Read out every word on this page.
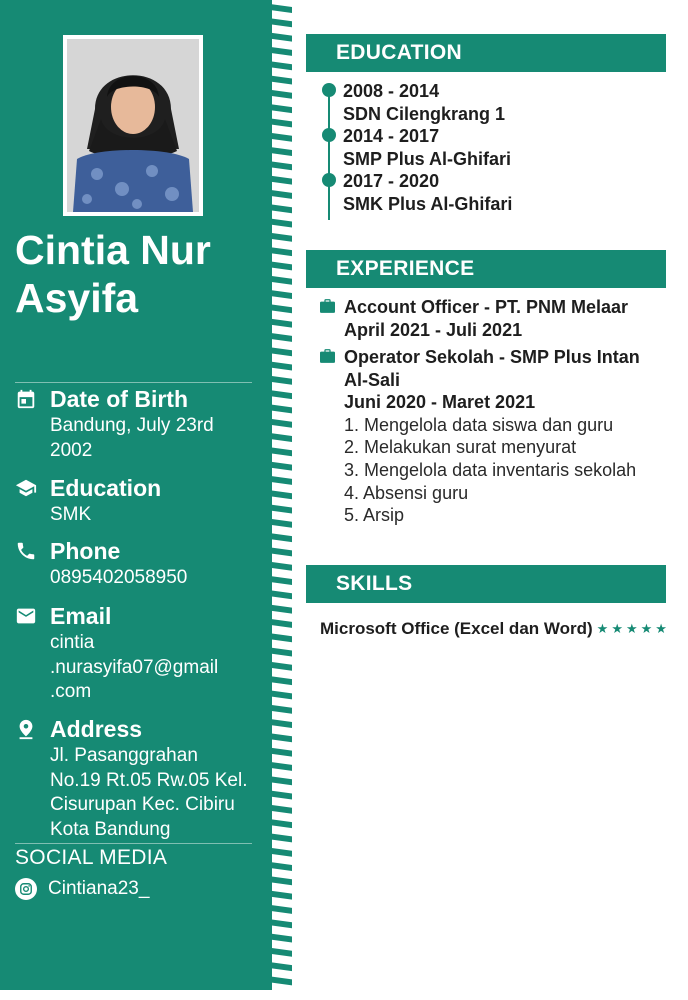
Cintia Nur Asyifa
Date of Birth
Bandung, July 23rd 2002
Education
SMK
Phone
0895402058950
Email
cintia
.nurasyifa07@gmail
.com
Address
Jl. Pasanggrahan No.19 Rt.05 Rw.05 Kel. Cisurupan Kec. Cibiru Kota Bandung
SOCIAL MEDIA
Cintiana23_
EDUCATION
2008 - 2014
SDN Cilengkrang 1
2014 - 2017
SMP Plus Al-Ghifari
2017 - 2020
SMK Plus Al-Ghifari
EXPERIENCE
Account Officer - PT. PNM Melaar
April 2021 - Juli 2021
Operator Sekolah - SMP Plus Intan Al-Sali
Juni 2020 - Maret 2021
1. Mengelola data siswa dan guru
2. Melakukan surat menyurat
3. Mengelola data inventaris sekolah
4. Absensi guru
5. Arsip
SKILLS
Microsoft Office (Excel dan Word) ★ ★ ★ ★ ★
